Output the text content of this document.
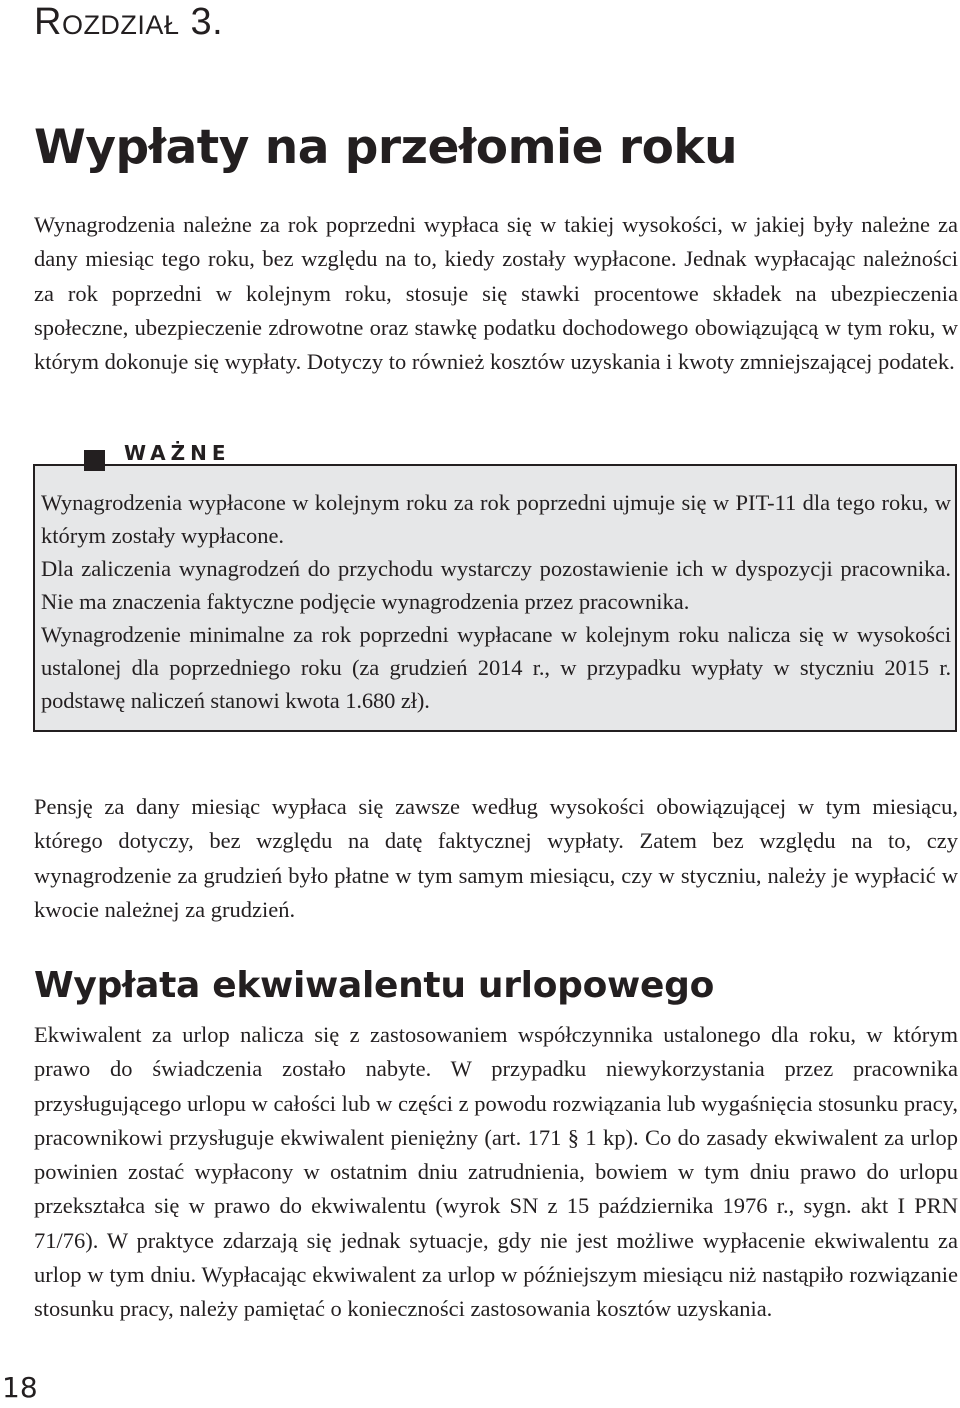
Rozdział 3.
Wypłaty na przełomie roku

Wynagrodzenia należne za rok poprzedni wypłaca się w takiej wysokości, w jakiej były należne za dany miesiąc tego roku, bez względu na to, kiedy zostały wypłacone. Jednak wypłacając należności za rok poprzedni w kolejnym roku, stosuje się stawki procentowe składek na ubezpieczenia społeczne, ubezpieczenie zdrowotne oraz stawkę podatku dochodowego obowiązującą w tym roku, w którym dokonuje się wypłaty. Dotyczy to również kosztów uzyskania i kwoty zmniejszającej podatek.

WAŻNE
Wynagrodzenia wypłacone w kolejnym roku za rok poprzedni ujmuje się w PIT-11 dla tego roku, w którym zostały wypłacone.
Dla zaliczenia wynagrodzeń do przychodu wystarczy pozostawienie ich w dyspozycji pracownika. Nie ma znaczenia faktyczne podjęcie wynagrodzenia przez pracownika.
Wynagrodzenie minimalne za rok poprzedni wypłacane w kolejnym roku nalicza się w wysokości ustalonej dla poprzedniego roku (za grudzień 2014 r., w przypadku wypłaty w styczniu 2015 r. podstawę naliczeń stanowi kwota 1.680 zł).

Pensję za dany miesiąc wypłaca się zawsze według wysokości obowiązującej w tym miesiącu, którego dotyczy, bez względu na datę faktycznej wypłaty. Zatem bez względu na to, czy wynagrodzenie za grudzień było płatne w tym samym miesiącu, czy w styczniu, należy je wypłacić w kwocie należnej za grudzień.

Wypłata ekwiwalentu urlopowego

Ekwiwalent za urlop nalicza się z zastosowaniem współczynnika ustalonego dla roku, w którym prawo do świadczenia zostało nabyte. W przypadku niewykorzystania przez pracownika przysługującego urlopu w całości lub w części z powodu rozwiązania lub wygaśnięcia stosunku pracy, pracownikowi przysługuje ekwiwalent pieniężny (art. 171 § 1 kp). Co do zasady ekwiwalent za urlop powinien zostać wypłacony w ostatnim dniu zatrudnienia, bowiem w tym dniu prawo do urlopu przekształca się w prawo do ekwiwalentu (wyrok SN z 15 października 1976 r., sygn. akt I PRN 71/76). W praktyce zdarzają się jednak sytuacje, gdy nie jest możliwe wypłacenie ekwiwalentu za urlop w tym dniu. Wypłacając ekwiwalent za urlop w późniejszym miesiącu niż nastąpiło rozwiązanie stosunku pracy, należy pamiętać o konieczności zastosowania kosztów uzyskania.

18
